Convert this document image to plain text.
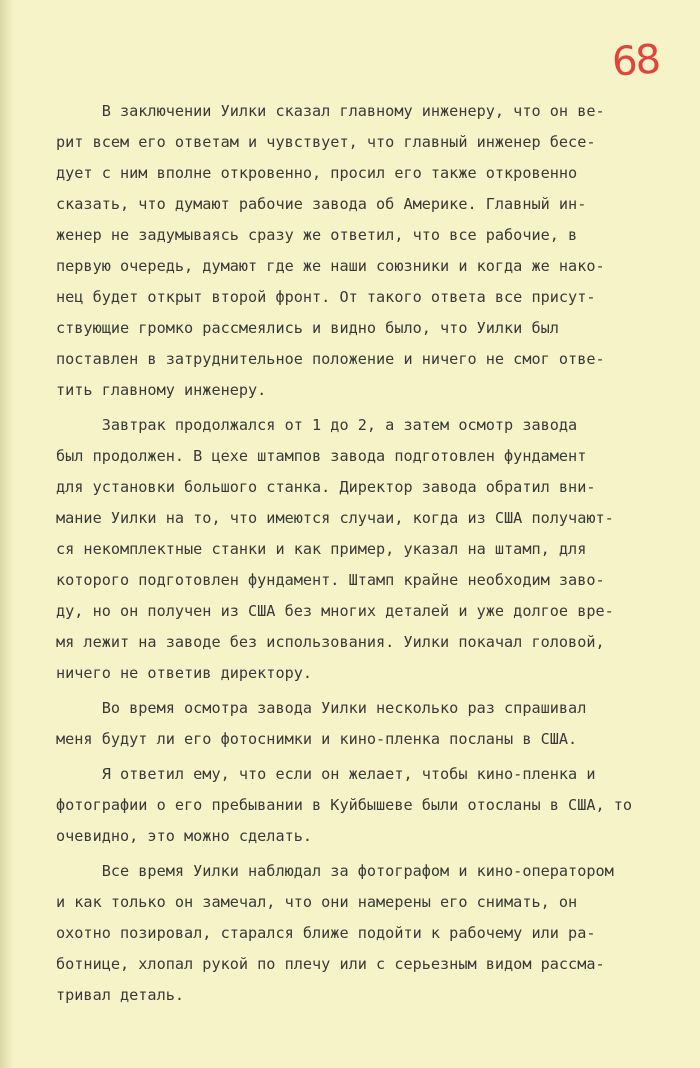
68
В заключении Уилки сказал главному инженеру, что он ве-
рит всем его ответам и чувствует, что главный инженер бесе-
дует с ним вполне откровенно, просил его также откровенно
сказать, что думают рабочие завода об Америке. Главный ин-
женер не задумываясь сразу же ответил, что все рабочие, в
первую очередь, думают где же наши союзники и когда же нако-
нец будет открыт второй фронт. От такого ответа все присут-
ствующие громко рассмеялись и видно было, что Уилки был
поставлен в затруднительное положение и ничего не смог отве-
тить главному инженеру.
Завтрак продолжался от 1 до 2, а затем осмотр завода
был продолжен. В цехе штампов завода подготовлен фундамент
для установки большого станка. Директор завода обратил вни-
мание Уилки на то, что имеются случаи, когда из США получают-
ся некомплектные станки и как пример, указал на штамп, для
которого подготовлен фундамент. Штамп крайне необходим заво-
ду, но он получен из США без многих деталей и уже долгое вре-
мя лежит на заводе без использования. Уилки покачал головой,
ничего не ответив директору.
Во время осмотра завода Уилки несколько раз спрашивал
меня будут ли его фотоснимки и кино-пленка посланы в США.
Я ответил ему, что если он желает, чтобы кино-пленка и
фотографии о его пребывании в Куйбышеве были отосланы в США, то
очевидно, это можно сделать.
Все время Уилки наблюдал за фотографом и кино-оператором
и как только он замечал, что они намерены его снимать, он
охотно позировал, старался ближе подойти к рабочему или ра-
ботнице, хлопал рукой по плечу или с серьезным видом рассма-
тривал деталь.
